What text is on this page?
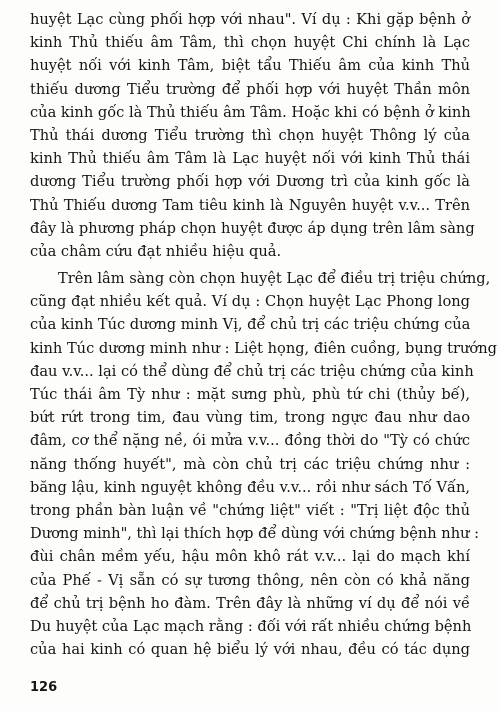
huyệt Lạc cùng phối hợp với nhau". Ví dụ : Khi gặp bệnh ở
kinh Thủ thiếu âm Tâm, thì chọn huyệt Chi chính là Lạc
huyệt nối với kinh Tâm, biệt tẩu Thiếu âm của kinh Thủ
thiếu dương Tiểu trường để phối hợp với huyệt Thần môn
của kinh gốc là Thủ thiếu âm Tâm. Hoặc khi có bệnh ở kinh
Thủ thái dương Tiểu trường thì chọn huyệt Thông lý của
kinh Thủ thiếu âm Tâm là Lạc huyệt nối với kinh Thủ thái
dương Tiểu trường phối hợp với Dương trì của kinh gốc là
Thủ Thiếu dương Tam tiêu kinh là Nguyên huyệt v.v... Trên
đây là phương pháp chọn huyệt được áp dụng trên lâm sàng
của châm cứu đạt nhiều hiệu quả.
Trên lâm sàng còn chọn huyệt Lạc để điều trị triệu chứng,
cũng đạt nhiều kết quả. Ví dụ : Chọn huyệt Lạc Phong long
của kinh Túc dương minh Vị, để chủ trị các triệu chứng của
kinh Túc dương minh như : Liệt họng, điên cuồng, bụng trướng
đau v.v... lại có thể dùng để chủ trị các triệu chứng của kinh
Túc thái âm Tỳ như : mặt sưng phù, phù tứ chi (thủy bế),
bứt rứt trong tim, đau vùng tim, trong ngực đau như dao
đâm, cơ thể nặng nề, ói mửa v.v... đồng thời do "Tỳ có chức
năng thống huyết", mà còn chủ trị các triệu chứng như :
băng lậu, kinh nguyệt không đều v.v... rồi như sách Tố Vấn,
trong phần bàn luận về "chứng liệt" viết : "Trị liệt độc thủ
Dương minh", thì lại thích hợp để dùng với chứng bệnh như :
đùi chân mềm yếu, hậu môn khô rát v.v... lại do mạch khí
của Phế - Vị sẵn có sự tương thông, nên còn có khả năng
để chủ trị bệnh ho đàm. Trên đây là những ví dụ để nói về
Du huyệt của Lạc mạch rằng : đối với rất nhiều chứng bệnh
của hai kinh có quan hệ biểu lý với nhau, đều có tác dụng
126
